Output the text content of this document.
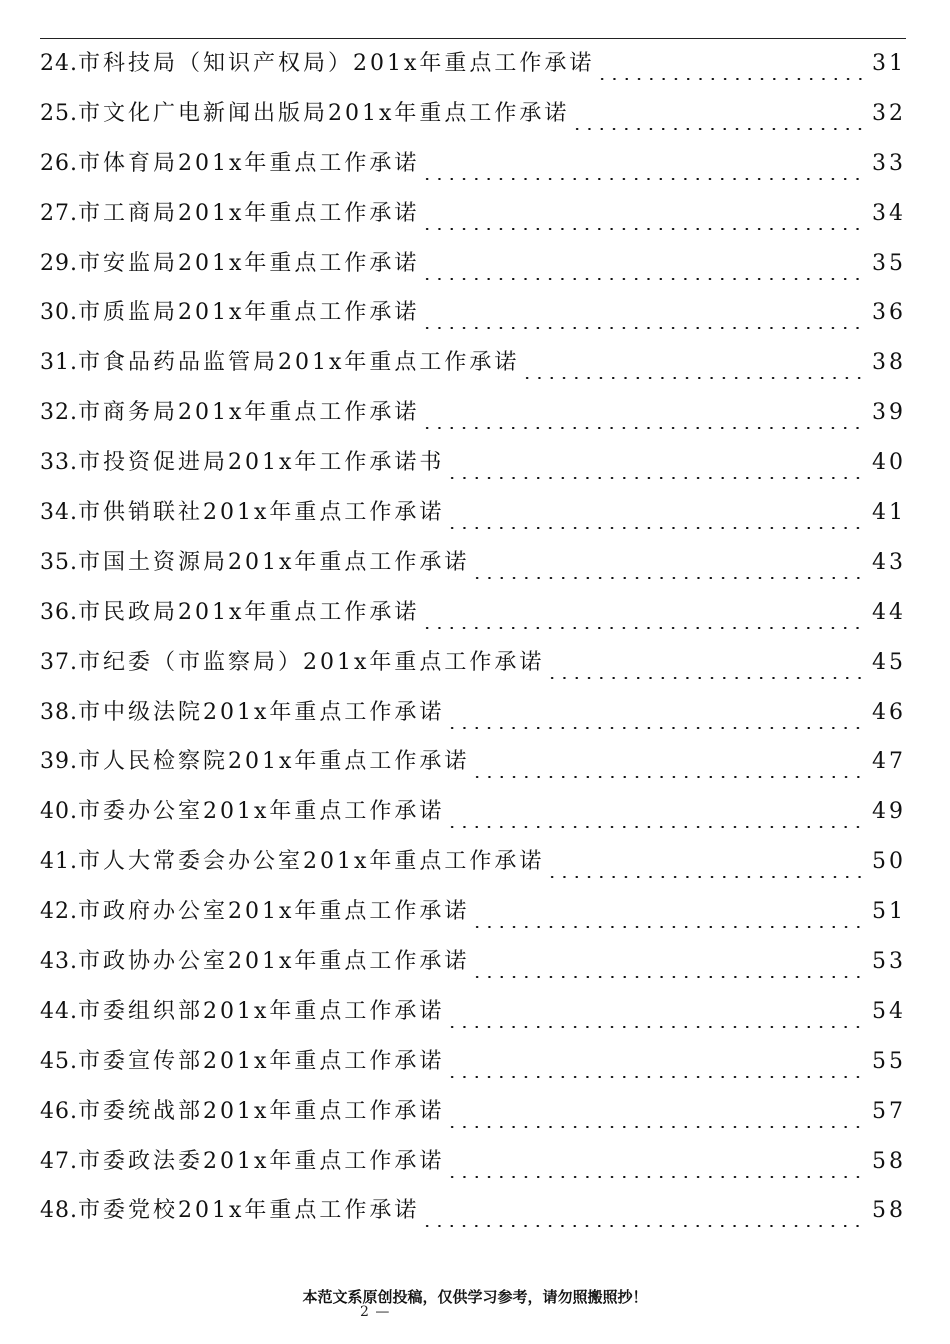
24. 市科技局（知识产权局）201x年重点工作承诺	31
25. 市文化广电新闻出版局201x年重点工作承诺	32
26. 市体育局201x年重点工作承诺	33
27. 市工商局201x年重点工作承诺	34
29. 市安监局201x年重点工作承诺	35
30. 市质监局201x年重点工作承诺	36
31. 市食品药品监管局201x年重点工作承诺	38
32. 市商务局201x年重点工作承诺	39
33. 市投资促进局201x年工作承诺书	40
34. 市供销联社201x年重点工作承诺	41
35. 市国土资源局201x年重点工作承诺	43
36. 市民政局201x年重点工作承诺	44
37. 市纪委（市监察局）201x年重点工作承诺	45
38. 市中级法院201x年重点工作承诺	46
39. 市人民检察院201x年重点工作承诺	47
40. 市委办公室201x年重点工作承诺	49
41. 市人大常委会办公室201x年重点工作承诺	50
42. 市政府办公室201x年重点工作承诺	51
43. 市政协办公室201x年重点工作承诺	53
44. 市委组织部201x年重点工作承诺	54
45. 市委宣传部201x年重点工作承诺	55
46. 市委统战部201x年重点工作承诺	57
47. 市委政法委201x年重点工作承诺	58
48. 市委党校201x年重点工作承诺	58
本范文系原创投稿，仅供学习参考，请勿照搬照抄！
2 —
